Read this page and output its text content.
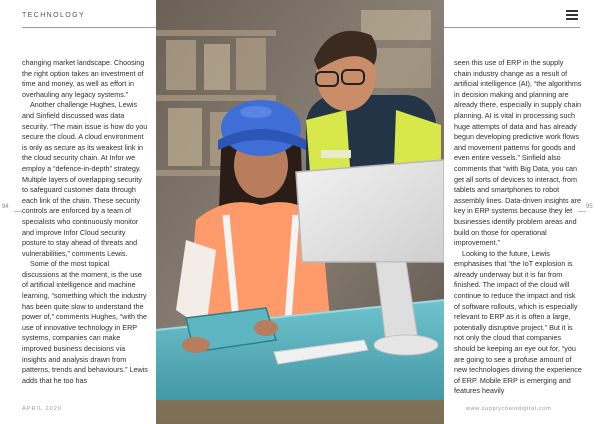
TECHNOLOGY

changing market landscape. Choosing the right option takes an investment of time and money, as well as effort in overhauling any legacy systems.”

Another challenge Hughes, Lewis and Sinfield discussed was data security. “The main issue is how do you secure the cloud. A cloud environment is only as secure as its weakest link in the cloud security chain. At Infor we employ a “defence-in-depth” strategy. Multiple layers of overlapping security to safeguard customer data through each link of the chain. These security controls are enforced by a team of specialists who continuously monitor and improve Infor Cloud security posture to stay ahead of threats and vulnerabilities,” comments Lewis.

Some of the most topical discussions at the moment, is the use of artificial intelligence and machine learning, “something which the industry has been quite slow to understand the power of,” comments Hughes, “with the use of innovative technology in ERP systems, companies can make improved business decisions via insights and analysis drawn from patterns, trends and behaviours.” Lewis adds that he too has

seen this use of ERP in the supply chain industry change as a result of artificial intelligence (AI), “the algorithms in decision making and planning are already there, especially in supply chain planning. AI is vital in processing such huge attempts of data and has already begun developing predictive work flows and movement patterns for goods and even entire vessels.” Sinfield also comments that “with Big Data, you can get all sorts of devices to interact, from tablets and smartphones to robot assembly lines. Data-driven insights are key in ERP systems because they let businesses identify problem areas and build on those for operational improvement.”

Looking to the future, Lewis emphasises that “the IoT explosion is already underway but it is far from finished. The impact of the cloud will continue to reduce the impact and risk of software rollouts, which is especially relevant to ERP as it is often a large, potentially disruptive project.” But it is not only the cloud that companies should be keeping an eye out for, “you are going to see a profuse amount of new technologies driving the experience of ERP. Mobile ERP is emerging and features heavily

94	95
APRIL 2020	www.supplychaindigital.com
